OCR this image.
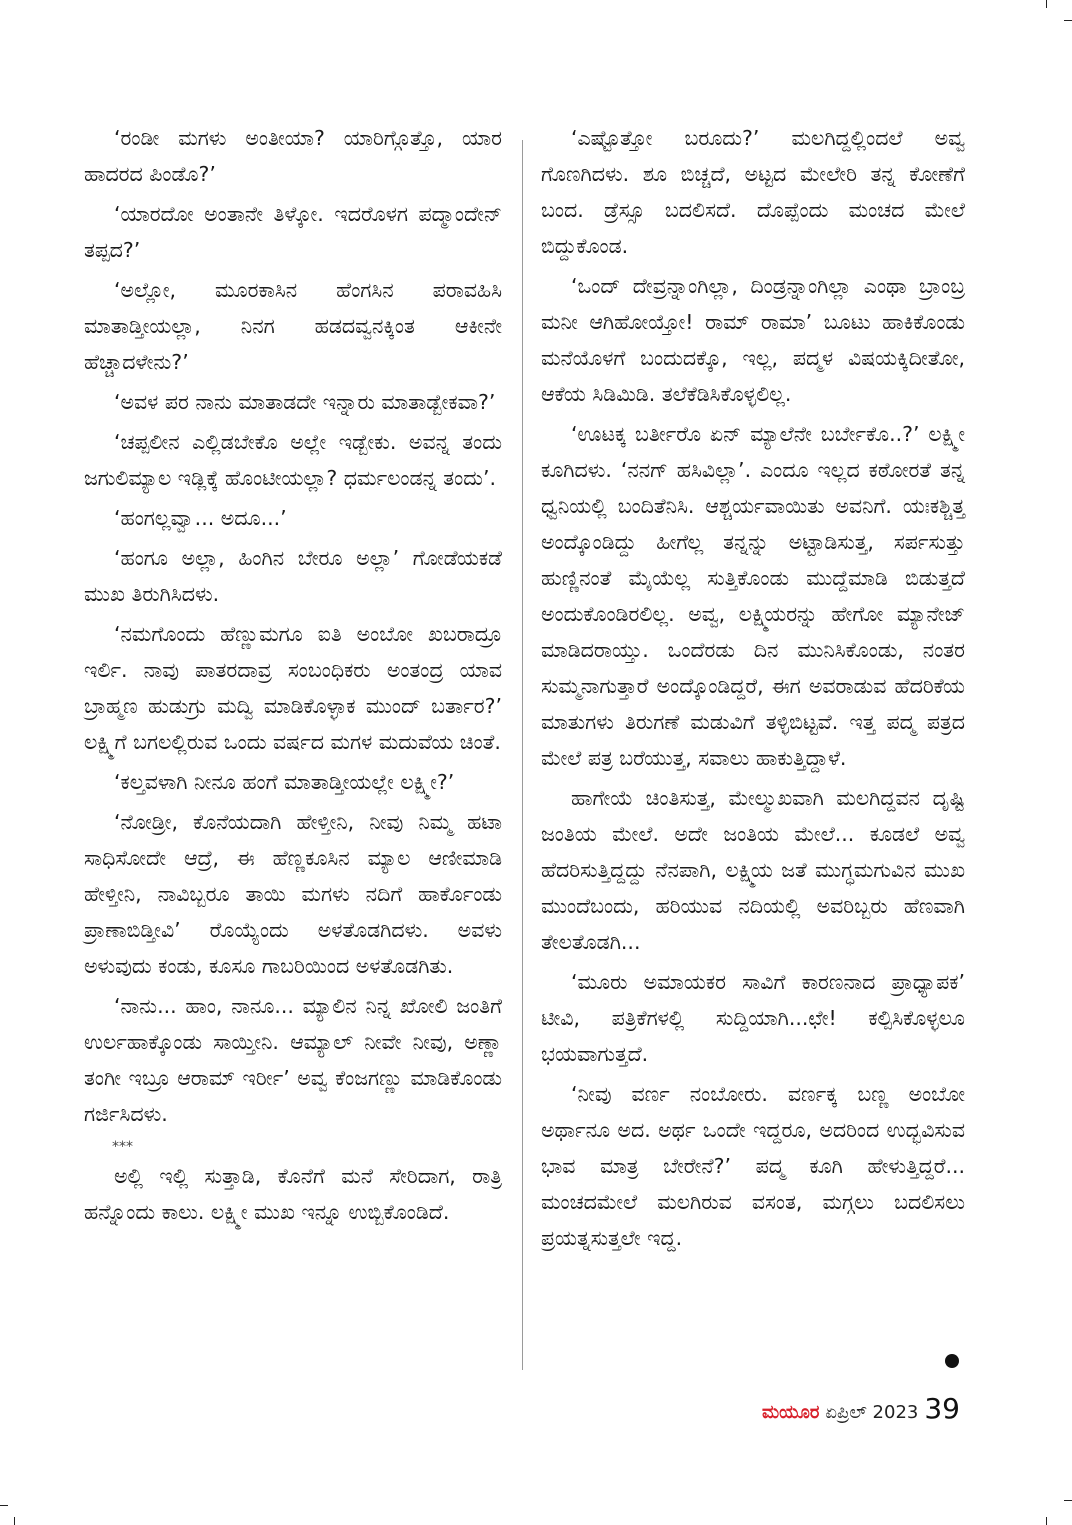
‘ರಂಡೀ ಮಗಳು ಅಂತೀಯಾ? ಯಾರಿಗ್ಗೊತ್ತೊ, ಯಾರ ಹಾದರದ ಪಿಂಡೊ?’

‘ಯಾರದೋ ಅಂತಾನೇ ತಿಳ್ಕೋ. ಇದರೊಳಗ ಪದ್ಮಾಂದೇನ್ ತಪ್ಪದ?’

‘ಅಲ್ಲೋ, ಮೂರಕಾಸಿನ ಹೆಂಗಸಿನ ಪರಾವಹಿಸಿ ಮಾತಾಡ್ತೀಯಲ್ಲಾ, ನಿನಗ ಹಡದವ್ವನಕ್ಕಿಂತ ಆಕೀನೇ ಹೆಚ್ಚಾದಳೇನು?’

‘ಅವಳ ಪರ ನಾನು ಮಾತಾಡದೇ ಇನ್ನಾರು ಮಾತಾಡ್ಬೇಕವಾ?’

‘ಚಪ್ಪಲೀನ ಎಲ್ಲಿಡಬೇಕೊ ಅಲ್ಲೇ ಇಡ್ಬೇಕು. ಅವನ್ನ ತಂದು ಜಗುಲಿಮ್ಯಾಲ ಇಡ್ಲಿಕ್ಕೆ ಹೊಂಟೀಯಲ್ಲಾ? ಧರ್ಮಲಂಡನ್ನ ತಂದು’.

‘ಹಂಗಲ್ಲವ್ವಾ... ಅದೂ...’

‘ಹಂಗೂ ಅಲ್ಲಾ, ಹಿಂಗಿನ ಬೇರೂ ಅಲ್ಲಾ’ ಗೋಡೆಯಕಡೆ ಮುಖ ತಿರುಗಿಸಿದಳು.

‘ನಮಗೊಂದು ಹೆಣ್ಣುಮಗೂ ಐತಿ ಅಂಬೋ ಖಬರಾದ್ರೂ ಇರ್ಲಿ. ನಾವು ಪಾತರದಾವ್ರ ಸಂಬಂಧಿಕರು ಅಂತಂದ್ರ ಯಾವ ಬ್ರಾಹ್ಮಣ ಹುಡುಗ್ರು ಮದ್ವಿ ಮಾಡಿಕೊಳ್ಳಾಕ ಮುಂದ್ ಬರ್ತಾರ?’ ಲಕ್ಷ್ಮಿಗೆ ಬಗಲಲ್ಲಿರುವ ಒಂದು ವರ್ಷದ ಮಗಳ ಮದುವೆಯ ಚಿಂತೆ.

‘ಕಲ್ತವಳಾಗಿ ನೀನೂ ಹಂಗೆ ಮಾತಾಡ್ತೀಯಲ್ಲೇ ಲಕ್ಷ್ಮೀ?’

‘ನೋಡ್ರೀ, ಕೊನೆಯದಾಗಿ ಹೇಳ್ತೀನಿ, ನೀವು ನಿಮ್ಮ ಹಟಾ ಸಾಧಿಸೋದೇ ಆದ್ರೆ, ಈ ಹೆಣ್ಣಕೂಸಿನ ಮ್ಯಾಲ ಆಣೀಮಾಡಿ ಹೇಳ್ತೀನಿ, ನಾವಿಬ್ಬರೂ ತಾಯಿ ಮಗಳು ನದಿಗೆ ಹಾರ್ಕೊಂಡು ಪ್ರಾಣಾಬಿಡ್ತೀವಿ’ ರೊಯ್ಯೆಂದು ಅಳತೊಡಗಿದಳು. ಅವಳು ಅಳುವುದು ಕಂಡು, ಕೂಸೂ ಗಾಬರಿಯಿಂದ ಅಳತೊಡಗಿತು.

‘ನಾನು... ಹಾಂ, ನಾನೂ... ಮ್ಯಾಲಿನ ನಿನ್ನ ಖೋಲಿ ಜಂತಿಗೆ ಉರ್ಲಹಾಕ್ಕೊಂಡು ಸಾಯ್ತೀನಿ. ಆಮ್ಯಾಲ್ ನೀವೇ ನೀವು, ಅಣ್ಣಾ ತಂಗೀ ಇಬ್ರೂ ಆರಾಮ್ ಇರ್ರೀ’ ಅವ್ವ ಕೆಂಜಗಣ್ಣು ಮಾಡಿಕೊಂಡು ಗರ್ಜಿಸಿದಳು.

***

ಅಲ್ಲಿ ಇಲ್ಲಿ ಸುತ್ತಾಡಿ, ಕೊನೆಗೆ ಮನೆ ಸೇರಿದಾಗ, ರಾತ್ರಿ ಹನ್ನೊಂದು ಕಾಲು. ಲಕ್ಷ್ಮೀ ಮುಖ ಇನ್ನೂ ಉಬ್ಬಿಕೊಂಡಿದೆ.

‘ಎಷ್ಟೊತ್ತೋ ಬರೂದು?’ ಮಲಗಿದ್ದಲ್ಲಿಂದಲೆ ಅವ್ವ ಗೊಣಗಿದಳು. ಶೂ ಬಿಚ್ಚದೆ, ಅಟ್ಟದ ಮೇಲೇರಿ ತನ್ನ ಕೋಣೆಗೆ ಬಂದ. ಡ್ರೆಸ್ಸೂ ಬದಲಿಸದೆ. ದೊಪ್ಪೆಂದು ಮಂಚದ ಮೇಲೆ ಬಿದ್ದುಕೊಂಡ.

‘ಒಂದ್ ದೇವ್ರನ್ನಾಂಗಿಲ್ಲಾ, ದಿಂಡ್ರನ್ನಾಂಗಿಲ್ಲಾ ಎಂಥಾ ಬ್ರಾಂಬ್ರ ಮನೀ ಆಗಿಹೋಯ್ತೋ! ರಾಮ್ ರಾಮಾ’ ಬೂಟು ಹಾಕಿಕೊಂಡು ಮನೆಯೊಳಗೆ ಬಂದುದಕ್ಕೊ, ಇಲ್ಲ, ಪದ್ಮಳ ವಿಷಯಕ್ಕಿದೀತೋ, ಆಕೆಯ ಸಿಡಿಮಿಡಿ. ತಲೆಕೆಡಿಸಿಕೊಳ್ಳಲಿಲ್ಲ.

‘ಊಟಕ್ಕ ಬರ್ತೀರೊ ಏನ್ ಮ್ಯಾಲೆನೇ ಬರ್ಬೇಕೊ..?’ ಲಕ್ಷ್ಮೀ ಕೂಗಿದಳು. ‘ನನಗ್ ಹಸಿವಿಲ್ಲಾ’. ಎಂದೂ ಇಲ್ಲದ ಕಠೋರತೆ ತನ್ನ ಧ್ವನಿಯಲ್ಲಿ ಬಂದಿತೆನಿಸಿ. ಆಶ್ಚರ್ಯವಾಯಿತು ಅವನಿಗೆ. ಯಃಕಶ್ಚಿತ್ತ ಅಂದ್ಕೊಂಡಿದ್ದು ಹೀಗೆಲ್ಲ ತನ್ನನ್ನು ಅಟ್ಟಾಡಿಸುತ್ತ, ಸರ್ಪಸುತ್ತು ಹುಣ್ಣಿನಂತೆ ಮೈಯೆಲ್ಲ ಸುತ್ತಿಕೊಂಡು ಮುದ್ದೆಮಾಡಿ ಬಿಡುತ್ತದೆ ಅಂದುಕೊಂಡಿರಲಿಲ್ಲ. ಅವ್ವ, ಲಕ್ಷ್ಮಿಯರನ್ನು ಹೇಗೋ ಮ್ಯಾನೇಜ್ ಮಾಡಿದರಾಯ್ತು. ಒಂದೆರಡು ದಿನ ಮುನಿಸಿಕೊಂಡು, ನಂತರ ಸುಮ್ಮನಾಗುತ್ತಾರೆ ಅಂದ್ಕೊಂಡಿದ್ದರೆ, ಈಗ ಅವರಾಡುವ ಹೆದರಿಕೆಯ ಮಾತುಗಳು ತಿರುಗಣೆ ಮಡುವಿಗೆ ತಳ್ಳಿಬಿಟ್ಟವೆ. ಇತ್ತ ಪದ್ಮ ಪತ್ರದ ಮೇಲೆ ಪತ್ರ ಬರೆಯುತ್ತ, ಸವಾಲು ಹಾಕುತ್ತಿದ್ದಾಳೆ.

ಹಾಗೇಯೆ ಚಿಂತಿಸುತ್ತ, ಮೇಲ್ಮುಖವಾಗಿ ಮಲಗಿದ್ದವನ ದೃಷ್ಟಿ ಜಂತಿಯ ಮೇಲೆ. ಅದೇ ಜಂತಿಯ ಮೇಲೆ... ಕೂಡಲೆ ಅವ್ವ ಹೆದರಿಸುತ್ತಿದ್ದದ್ದು ನೆನಪಾಗಿ, ಲಕ್ಷ್ಮಿಯ ಜತೆ ಮುಗ್ಧಮಗುವಿನ ಮುಖ ಮುಂದೆಬಂದು, ಹರಿಯುವ ನದಿಯಲ್ಲಿ ಅವರಿಬ್ಬರು ಹೆಣವಾಗಿ ತೇಲತೊಡಗಿ...

‘ಮೂರು ಅಮಾಯಕರ ಸಾವಿಗೆ ಕಾರಣನಾದ ಪ್ರಾಧ್ಯಾಪಕ’ ಟೀವಿ, ಪತ್ರಿಕೆಗಳಲ್ಲಿ ಸುದ್ದಿಯಾಗಿ...ಛೇ! ಕಲ್ಪಿಸಿಕೊಳ್ಳಲೂ ಭಯವಾಗುತ್ತದೆ.

‘ನೀವು ವರ್ಣ ನಂಬೋರು. ವರ್ಣಕ್ಕ ಬಣ್ಣ ಅಂಬೋ ಅರ್ಥಾನೂ ಅದ. ಅರ್ಥ ಒಂದೇ ಇದ್ದರೂ, ಅದರಿಂದ ಉದ್ಭವಿಸುವ ಭಾವ ಮಾತ್ರ ಬೇರೇನೆ?’ ಪದ್ಮ ಕೂಗಿ ಹೇಳುತ್ತಿದ್ದರೆ... ಮಂಚದಮೇಲೆ ಮಲಗಿರುವ ವಸಂತ, ಮಗ್ಗಲು ಬದಲಿಸಲು ಪ್ರಯತ್ನಸುತ್ತಲೇ ಇದ್ದ.

ಮಯೂರ ಏಪ್ರಿಲ್ 2023 39
